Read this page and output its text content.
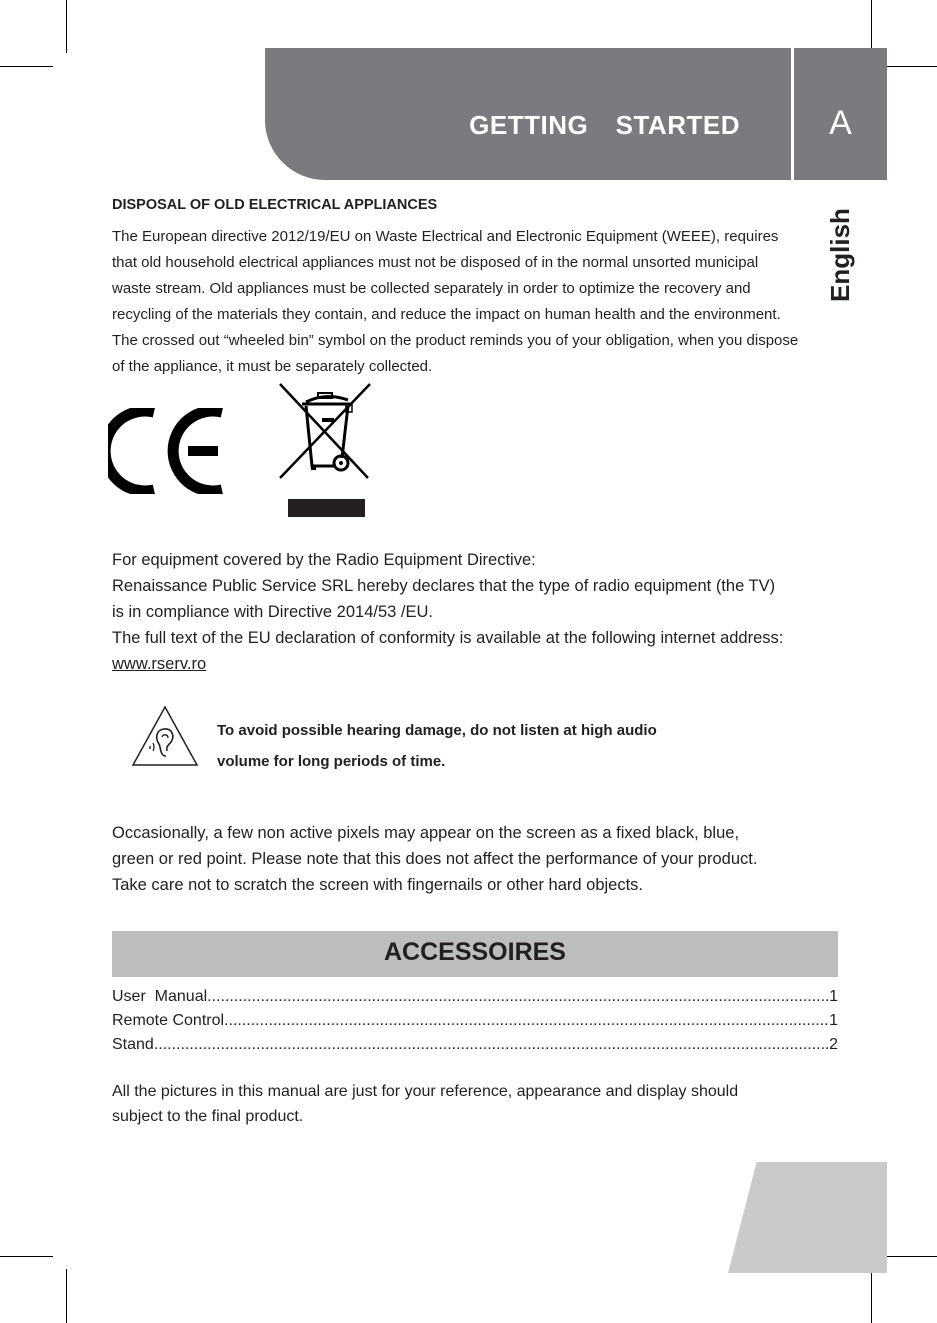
GETTING  STARTED	A
English
DISPOSAL OF OLD ELECTRICAL APPLIANCES
The European directive 2012/19/EU on Waste Electrical and Electronic Equipment (WEEE), requires
that old household electrical appliances must not be disposed of in the normal unsorted municipal
waste stream. Old appliances must be collected separately in order to optimize the recovery and
recycling of the materials they contain, and reduce the impact on human health and the environment.
The crossed out “wheeled bin” symbol on the product reminds you of your obligation, when you dispose
of the appliance, it must be separately collected.
For equipment covered by the Radio Equipment Directive:
Renaissance Public Service SRL hereby declares that the type of radio equipment (the TV)
is in compliance with Directive 2014/53 /EU.
The full text of the EU declaration of conformity is available at the following internet address:
www.rserv.ro
To avoid possible hearing damage, do not listen at high audio
volume for long periods of time.
Occasionally, a few non active pixels may appear on the screen as a fixed black, blue,
green or red point. Please note that this does not affect the performance of your product.
Take care not to scratch the screen with fingernails or other hard objects.
ACCESSOIRES
User  Manual .....	1
Remote Control .....	1
Stand .....	2
All the pictures in this manual are just for your reference, appearance and display should
subject to the final product.
